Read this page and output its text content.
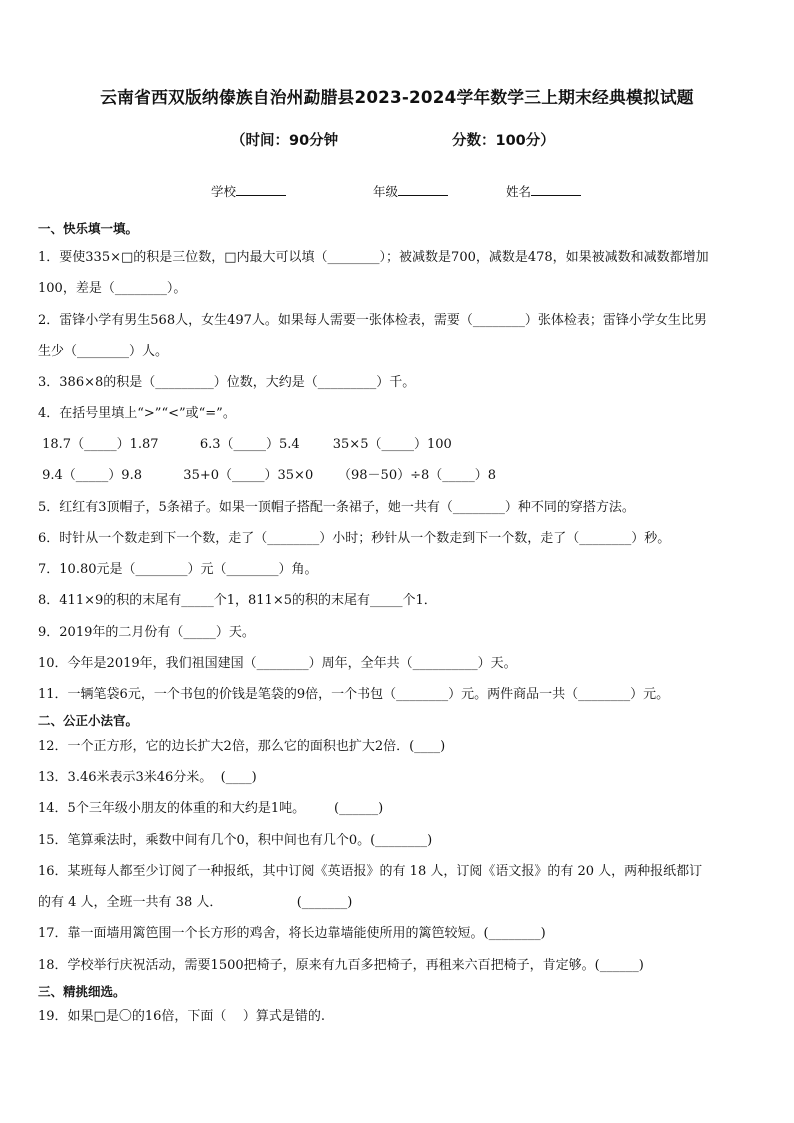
云南省西双版纳傣族自治州勐腊县2023-2024学年数学三上期末经典模拟试题
（时间：90分钟	分数：100分）
学校	年级	姓名
一、快乐填一填。
1．要使335×□的积是三位数，□内最大可以填（________）；被减数是700，减数是478，如果被减数和减数都增加
100，差是（________）。
2．雷锋小学有男生568人，女生497人。如果每人需要一张体检表，需要（________）张体检表；雷锋小学女生比男
生少（________）人。
3．386×8的积是（_________）位数，大约是（_________）千。
4．在括号里填上“>”“<”或“=”。
18.7（_____）1.87          6.3（_____）5.4        35×5（_____）100
9.4（_____）9.8          35+0（_____）35×0      （98－50）÷8（_____）8
5．红红有3顶帽子，5条裙子。如果一顶帽子搭配一条裙子，她一共有（________）种不同的穿搭方法。
6．时针从一个数走到下一个数，走了（________）小时；秒针从一个数走到下一个数，走了（________）秒。
7．10.80元是（________）元（________）角。
8．411×9的积的末尾有_____个1，811×5的积的末尾有_____个1．
9．2019年的二月份有（_____）天。
10．今年是2019年，我们祖国建国（________）周年，全年共（__________）天。
11．一辆笔袋6元，一个书包的价钱是笔袋的9倍，一个书包（________）元。两件商品一共（________）元。
二、公正小法官。
12．一个正方形，它的边长扩大2倍，那么它的面积也扩大2倍．(____)
13．3.46米表示3米46分米。  (____)
14．5个三年级小朋友的体重的和大约是1吨。       (______)
15．笔算乘法时，乘数中间有几个0，积中间也有几个0。(________)
16．某班每人都至少订阅了一种报纸，其中订阅《英语报》的有 18 人，订阅《语文报》的有 20 人，两种报纸都订
的有 4 人，全班一共有 38 人．                  (_______)
17．靠一面墙用篱笆围一个长方形的鸡舍，将长边靠墙能使所用的篱笆较短。(________)
18．学校举行庆祝活动，需要1500把椅子，原来有九百多把椅子，再租来六百把椅子，肯定够。(______)
三、精挑细选。
19．如果□是〇的16倍，下面（    ）算式是错的.
